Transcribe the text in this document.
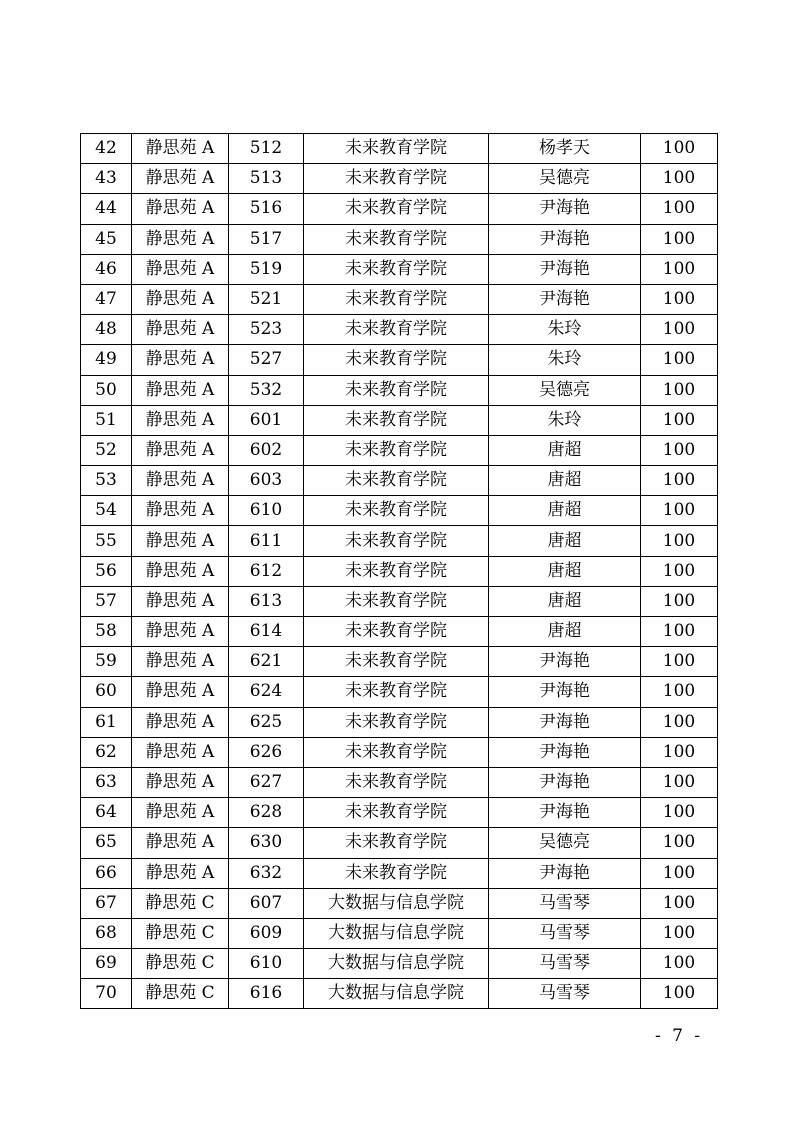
42	静思苑 A	512	未来教育学院	杨孝天	100
43	静思苑 A	513	未来教育学院	吴德亮	100
44	静思苑 A	516	未来教育学院	尹海艳	100
45	静思苑 A	517	未来教育学院	尹海艳	100
46	静思苑 A	519	未来教育学院	尹海艳	100
47	静思苑 A	521	未来教育学院	尹海艳	100
48	静思苑 A	523	未来教育学院	朱玲	100
49	静思苑 A	527	未来教育学院	朱玲	100
50	静思苑 A	532	未来教育学院	吴德亮	100
51	静思苑 A	601	未来教育学院	朱玲	100
52	静思苑 A	602	未来教育学院	唐超	100
53	静思苑 A	603	未来教育学院	唐超	100
54	静思苑 A	610	未来教育学院	唐超	100
55	静思苑 A	611	未来教育学院	唐超	100
56	静思苑 A	612	未来教育学院	唐超	100
57	静思苑 A	613	未来教育学院	唐超	100
58	静思苑 A	614	未来教育学院	唐超	100
59	静思苑 A	621	未来教育学院	尹海艳	100
60	静思苑 A	624	未来教育学院	尹海艳	100
61	静思苑 A	625	未来教育学院	尹海艳	100
62	静思苑 A	626	未来教育学院	尹海艳	100
63	静思苑 A	627	未来教育学院	尹海艳	100
64	静思苑 A	628	未来教育学院	尹海艳	100
65	静思苑 A	630	未来教育学院	吴德亮	100
66	静思苑 A	632	未来教育学院	尹海艳	100
67	静思苑 C	607	大数据与信息学院	马雪琴	100
68	静思苑 C	609	大数据与信息学院	马雪琴	100
69	静思苑 C	610	大数据与信息学院	马雪琴	100
70	静思苑 C	616	大数据与信息学院	马雪琴	100
- 7 -
